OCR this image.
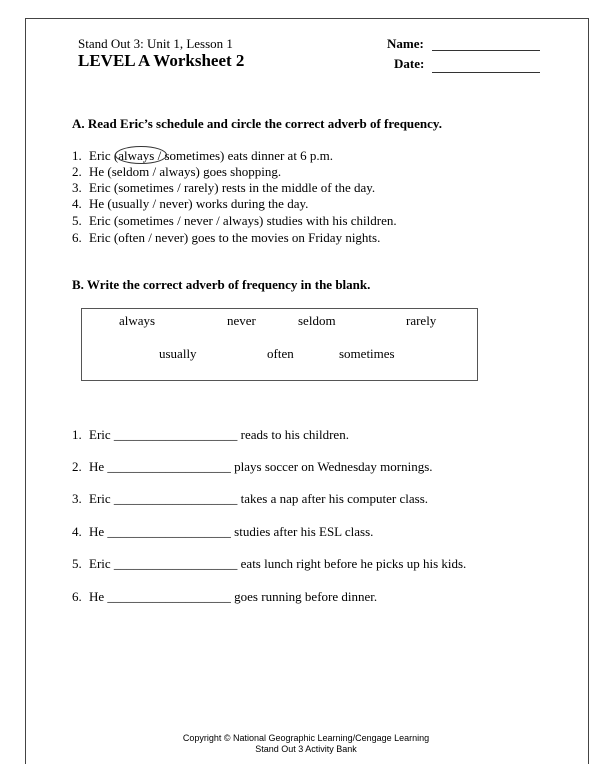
Stand Out 3: Unit 1, Lesson 1
LEVEL A Worksheet 2
Name:
Date:
A. Read Eric’s schedule and circle the correct adverb of frequency.
1. Eric (always / sometimes) eats dinner at 6 p.m.
2. He (seldom / always) goes shopping.
3. Eric (sometimes / rarely) rests in the middle of the day.
4. He (usually / never) works during the day.
5. Eric (sometimes / never / always) studies with his children.
6. Eric (often / never) goes to the movies on Friday nights.
B. Write the correct adverb of frequency in the blank.
always	never	seldom	rarely
usually	often	sometimes
1. Eric ___________________ reads to his children.
2. He ___________________ plays soccer on Wednesday mornings.
3. Eric ___________________ takes a nap after his computer class.
4. He ___________________ studies after his ESL class.
5. Eric ___________________ eats lunch right before he picks up his kids.
6. He ___________________ goes running before dinner.
Copyright © National Geographic Learning/Cengage Learning
Stand Out 3 Activity Bank
